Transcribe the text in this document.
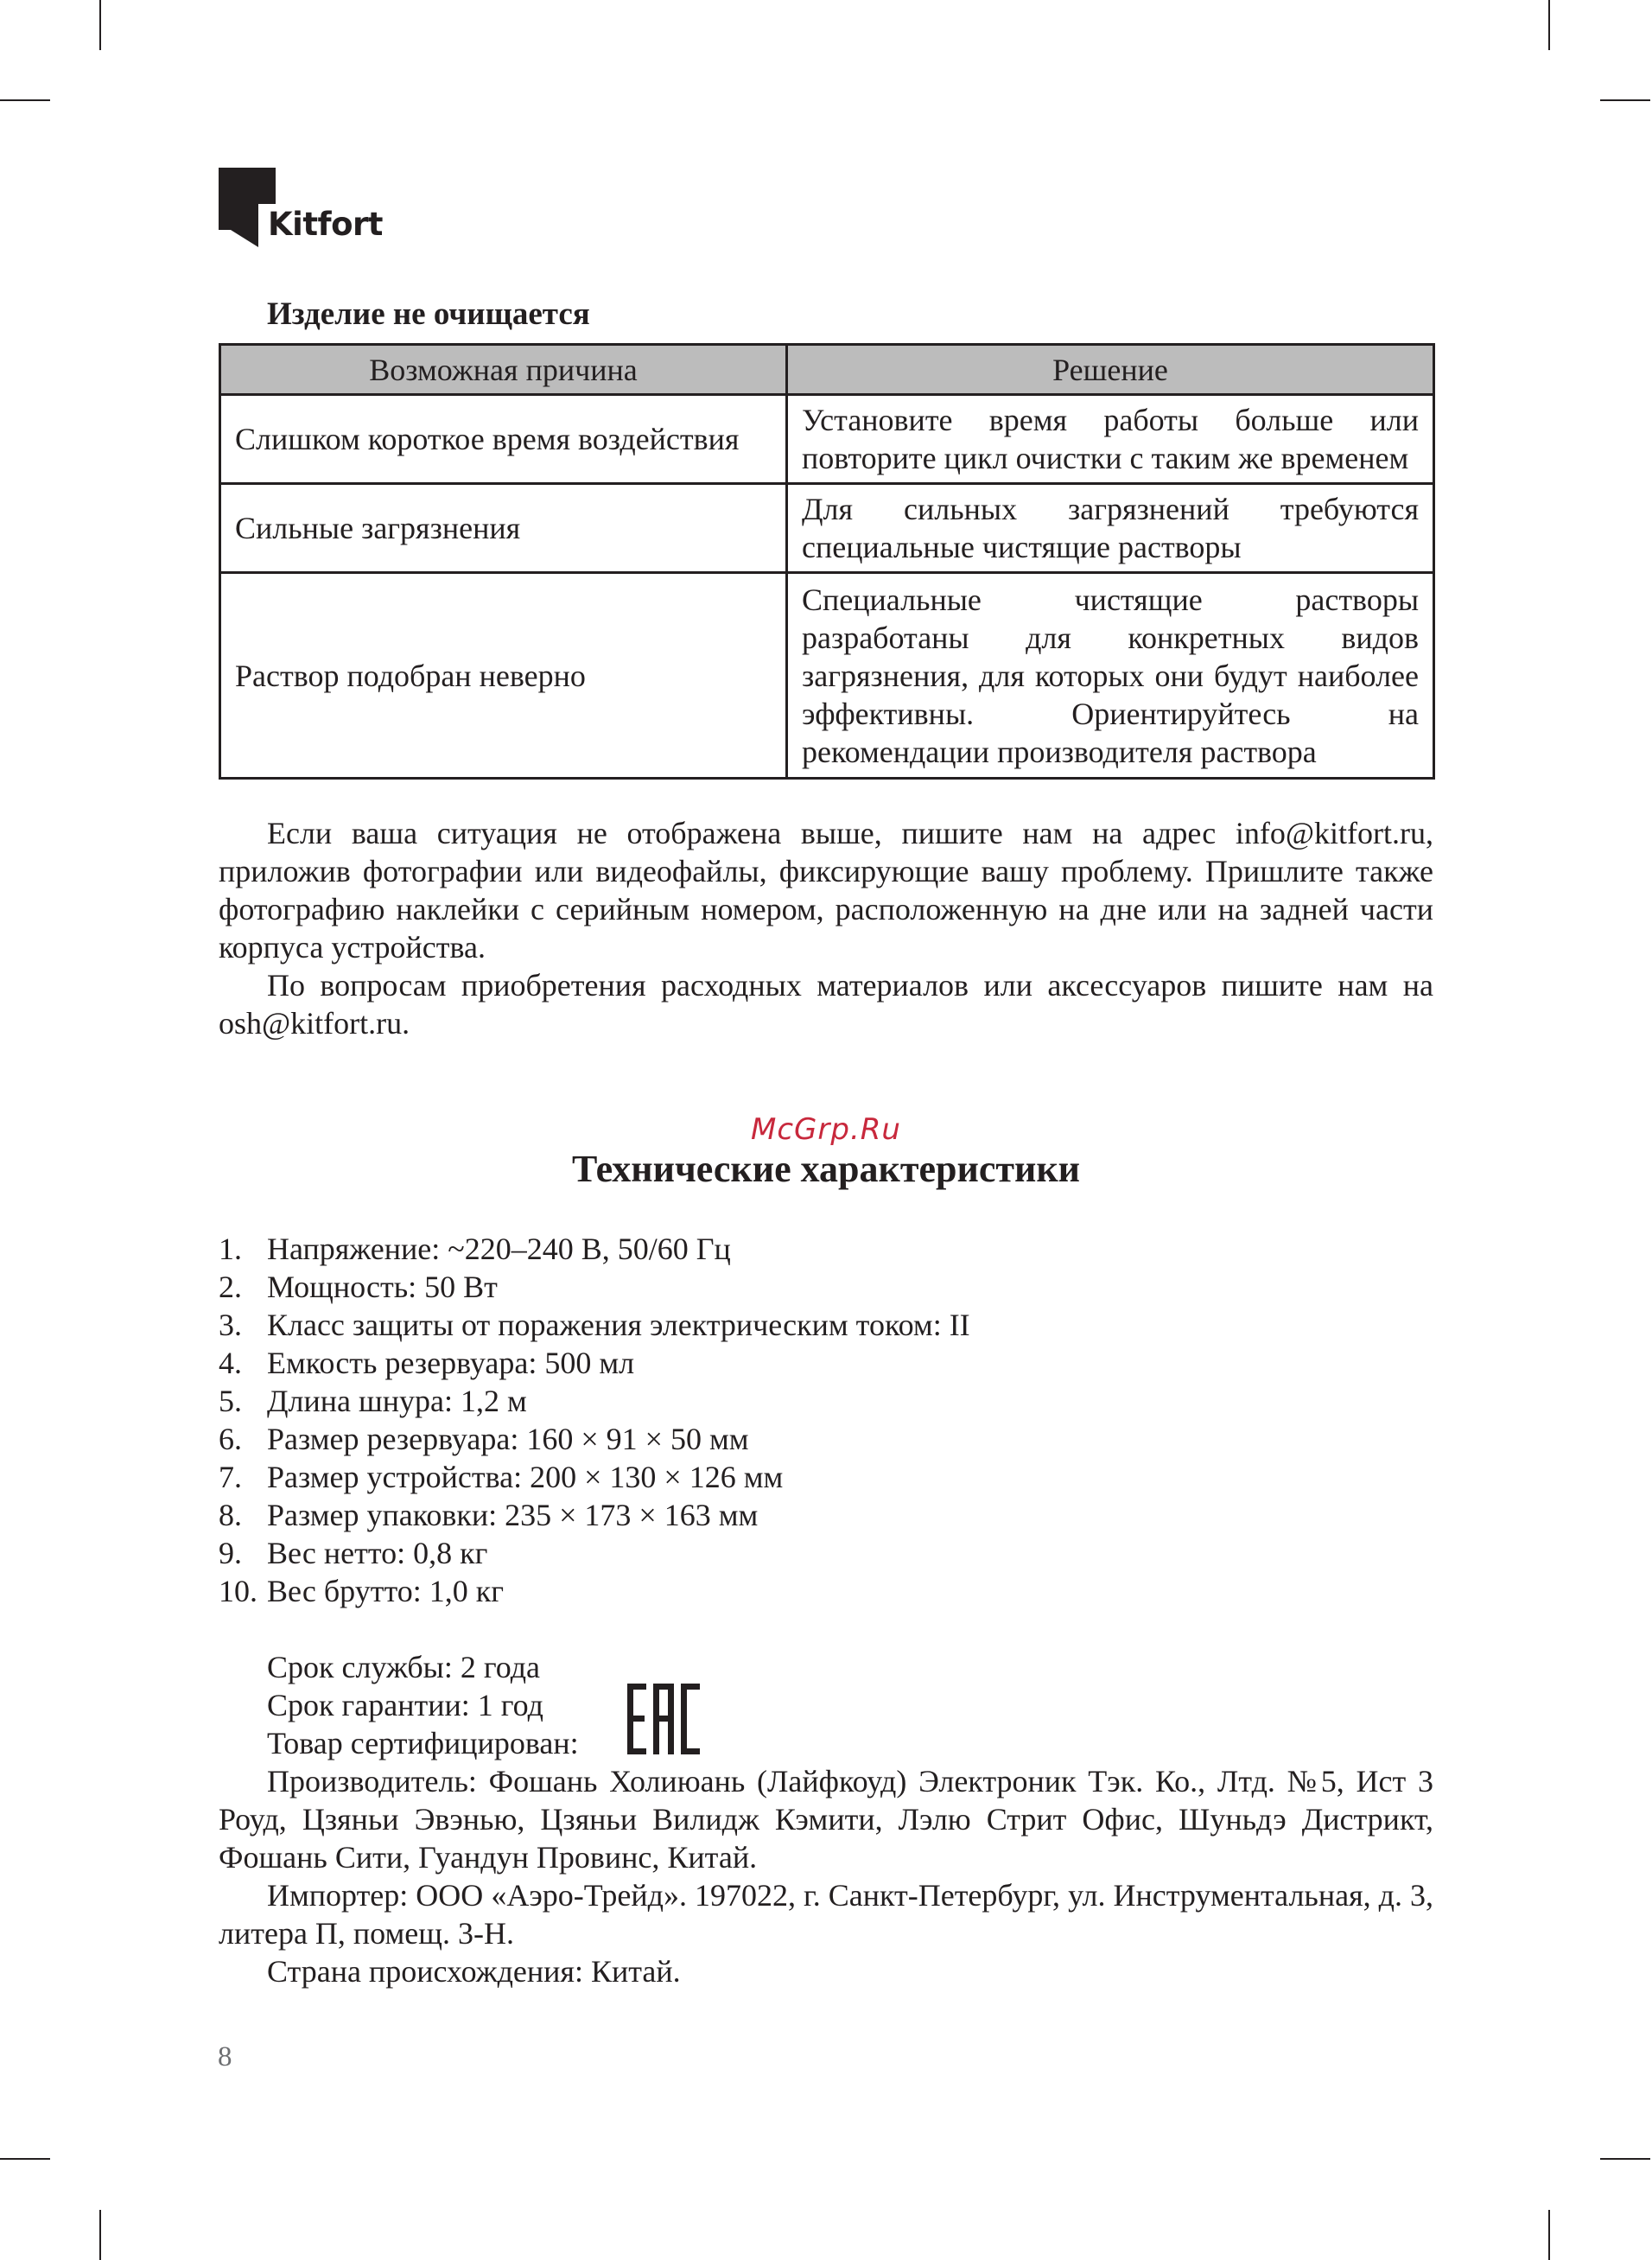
Kitfort
Изделие не очищается
Возможная причина	Решение
Слишком короткое время воздействия	Установите время работы больше или повторите цикл очистки с таким же временем
Сильные загрязнения	Для сильных загрязнений требуются специальные чистящие растворы
Раствор подобран неверно	Специальные чистящие растворы разработаны для конкретных видов загрязнения, для которых они будут наиболее эффективны. Ориентируйтесь на рекомендации производителя раствора

Если ваша ситуация не отображена выше, пишите нам на адрес info@kitfort.ru, приложив фотографии или видеофайлы, фиксирующие вашу проблему. Пришлите также фотографию наклейки с серийным номером, расположенную на дне или на задней части корпуса устройства.

По вопросам приобретения расходных материалов или аксессуаров пишите нам на osh@kitfort.ru.

McGrp.Ru
Технические характеристики
1. Напряжение: ~220–240 В, 50/60 Гц
2. Мощность: 50 Вт
3. Класс защиты от поражения электрическим током: II
4. Емкость резервуара: 500 мл
5. Длина шнура: 1,2 м
6. Размер резервуара: 160 × 91 × 50 мм
7. Размер устройства: 200 × 130 × 126 мм
8. Размер упаковки: 235 × 173 × 163 мм
9. Вес нетто: 0,8 кг
10. Вес брутто: 1,0 кг

Срок службы: 2 года

Срок гарантии: 1 год

Товар сертифицирован:

Производитель: Фошань Холиюань (Лайфкоуд) Электроник Тэк. Ко., Лтд. №5, Ист 3 Роуд, Цзяньи Эвэнью, Цзяньи Вилидж Кэмити, Лэлю Стрит Офис, Шуньдэ Дистрикт, Фошань Сити, Гуандун Провинс, Китай.

Импортер: ООО «Аэро-Трейд». 197022, г. Санкт-Петербург, ул. Инструментальная, д. 3, литера П, помещ. 3-Н.

Страна происхождения: Китай.

8
